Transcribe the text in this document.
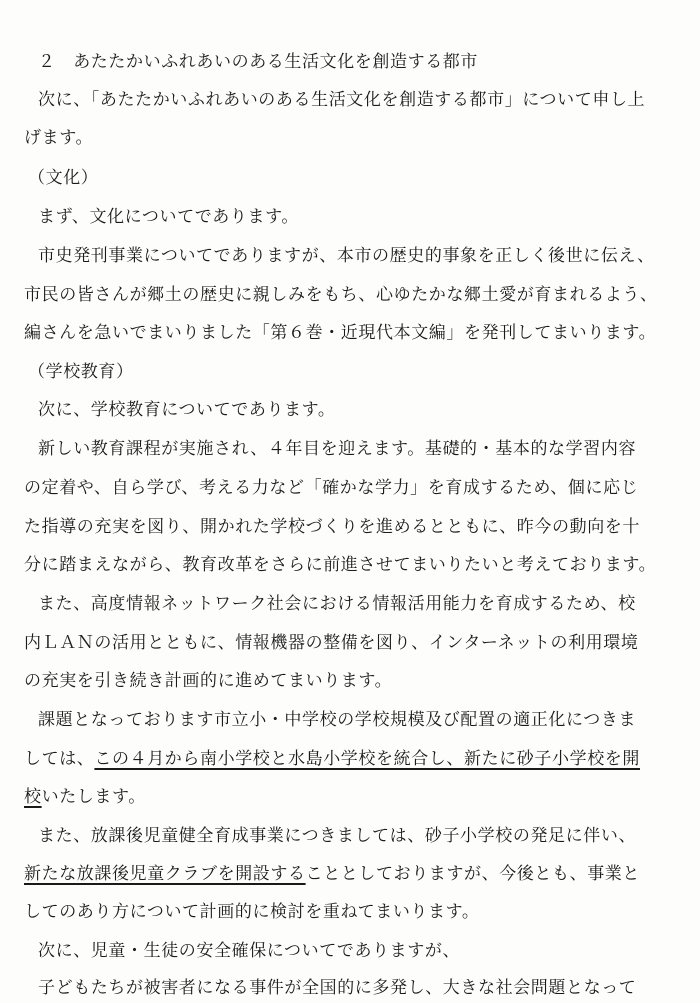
２　あたたかいふれあいのある生活文化を創造する都市
次に、「あたたかいふれあいのある生活文化を創造する都市」について申し上
げます。
（文化）
まず、文化についてであります。
市史発刊事業についてでありますが、本市の歴史的事象を正しく後世に伝え、
市民の皆さんが郷土の歴史に親しみをもち、心ゆたかな郷土愛が育まれるよう、
編さんを急いでまいりました「第６巻・近現代本文編」を発刊してまいります。
（学校教育）
次に、学校教育についてであります。
新しい教育課程が実施され、４年目を迎えます。基礎的・基本的な学習内容
の定着や、自ら学び、考える力など「確かな学力」を育成するため、個に応じ
た指導の充実を図り、開かれた学校づくりを進めるとともに、昨今の動向を十
分に踏まえながら、教育改革をさらに前進させてまいりたいと考えております。
また、高度情報ネットワーク社会における情報活用能力を育成するため、校
内ＬＡＮの活用とともに、情報機器の整備を図り、インターネットの利用環境
の充実を引き続き計画的に進めてまいります。
課題となっております市立小・中学校の学校規模及び配置の適正化につきま
しては、この４月から南小学校と水島小学校を統合し、新たに砂子小学校を開
校いたします。
また、放課後児童健全育成事業につきましては、砂子小学校の発足に伴い、
新たな放課後児童クラブを開設することとしておりますが、今後とも、事業と
してのあり方について計画的に検討を重ねてまいります。
次に、児童・生徒の安全確保についてでありますが、
子どもたちが被害者になる事件が全国的に多発し、大きな社会問題となって
